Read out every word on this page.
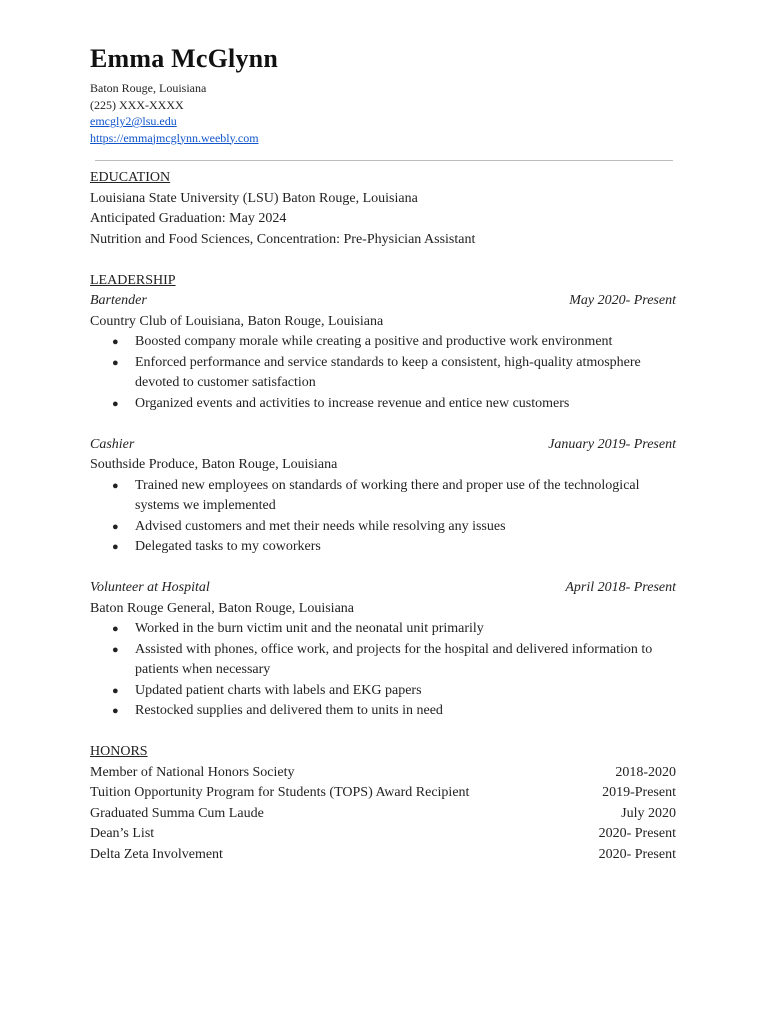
Emma McGlynn
Baton Rouge, Louisiana
(225) XXX-XXXX
emcgly2@lsu.edu
https://emmajmcglynn.weebly.com
EDUCATION
Louisiana State University (LSU) Baton Rouge, Louisiana
Anticipated Graduation: May 2024
Nutrition and Food Sciences, Concentration: Pre-Physician Assistant
LEADERSHIP
Bartender	May 2020- Present
Country Club of Louisiana, Baton Rouge, Louisiana
● Boosted company morale while creating a positive and productive work environment
● Enforced performance and service standards to keep a consistent, high-quality atmosphere devoted to customer satisfaction
● Organized events and activities to increase revenue and entice new customers
Cashier	January 2019- Present
Southside Produce, Baton Rouge, Louisiana
● Trained new employees on standards of working there and proper use of the technological systems we implemented
● Advised customers and met their needs while resolving any issues
● Delegated tasks to my coworkers
Volunteer at Hospital	April 2018- Present
Baton Rouge General, Baton Rouge, Louisiana
● Worked in the burn victim unit and the neonatal unit primarily
● Assisted with phones, office work, and projects for the hospital and delivered information to patients when necessary
● Updated patient charts with labels and EKG papers
● Restocked supplies and delivered them to units in need
HONORS
Member of National Honors Society	2018-2020
Tuition Opportunity Program for Students (TOPS) Award Recipient	2019-Present
Graduated Summa Cum Laude	July 2020
Dean’s List	2020- Present
Delta Zeta Involvement	2020- Present
